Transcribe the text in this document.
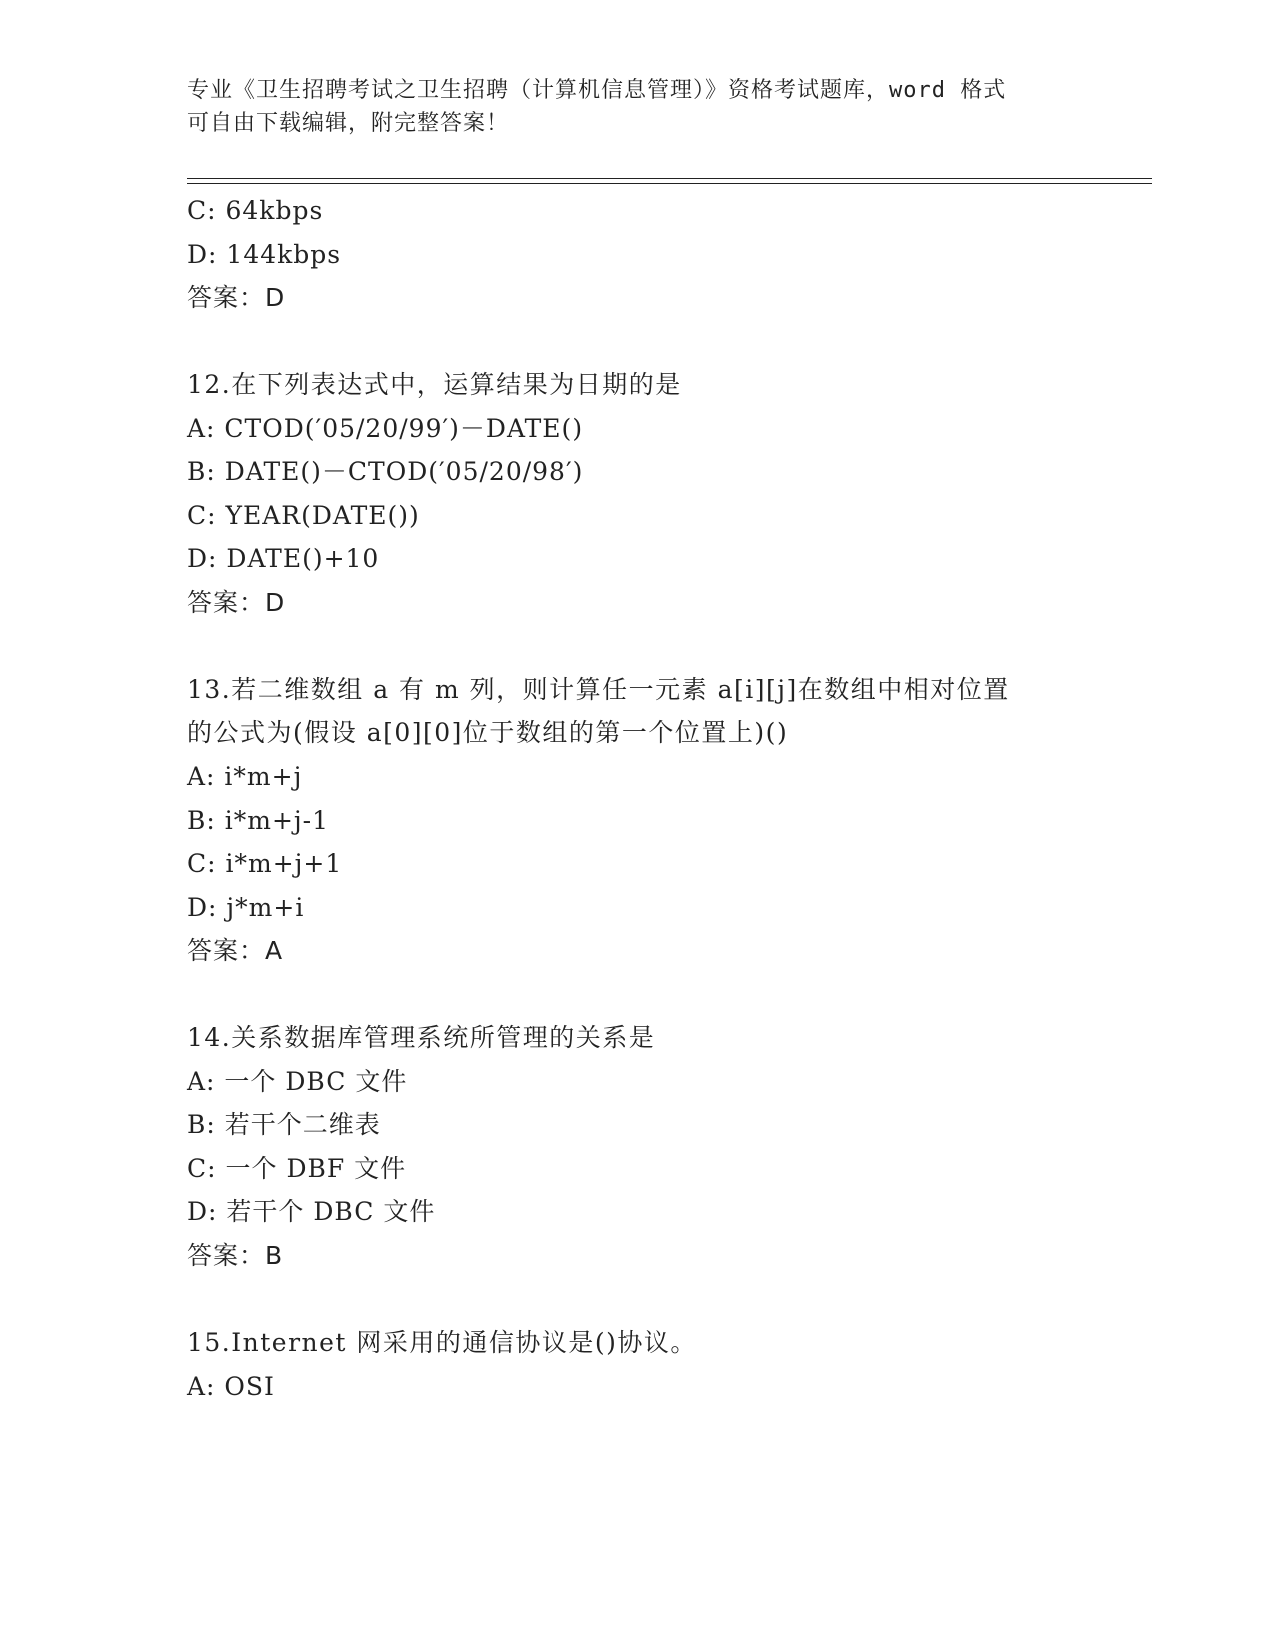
专业《卫生招聘考试之卫生招聘（计算机信息管理）》资格考试题库，word 格式
可自由下载编辑，附完整答案！
C: 64kbps
D: 144kbps
答案：D
12.在下列表达式中，运算结果为日期的是
A: CTOD(′05/20/99′)－DATE()
B: DATE()－CTOD(′05/20/98′)
C: YEAR(DATE())
D: DATE()+10
答案：D
13.若二维数组 a 有 m 列，则计算任一元素 a[i][j]在数组中相对位置
的公式为(假设 a[0][0]位于数组的第一个位置上)()
A: i*m+j
B: i*m+j-1
C: i*m+j+1
D: j*m+i
答案：A
14.关系数据库管理系统所管理的关系是
A: 一个 DBC 文件
B: 若干个二维表
C: 一个 DBF 文件
D: 若干个 DBC 文件
答案：B
15.Internet 网采用的通信协议是()协议。
A: OSI
